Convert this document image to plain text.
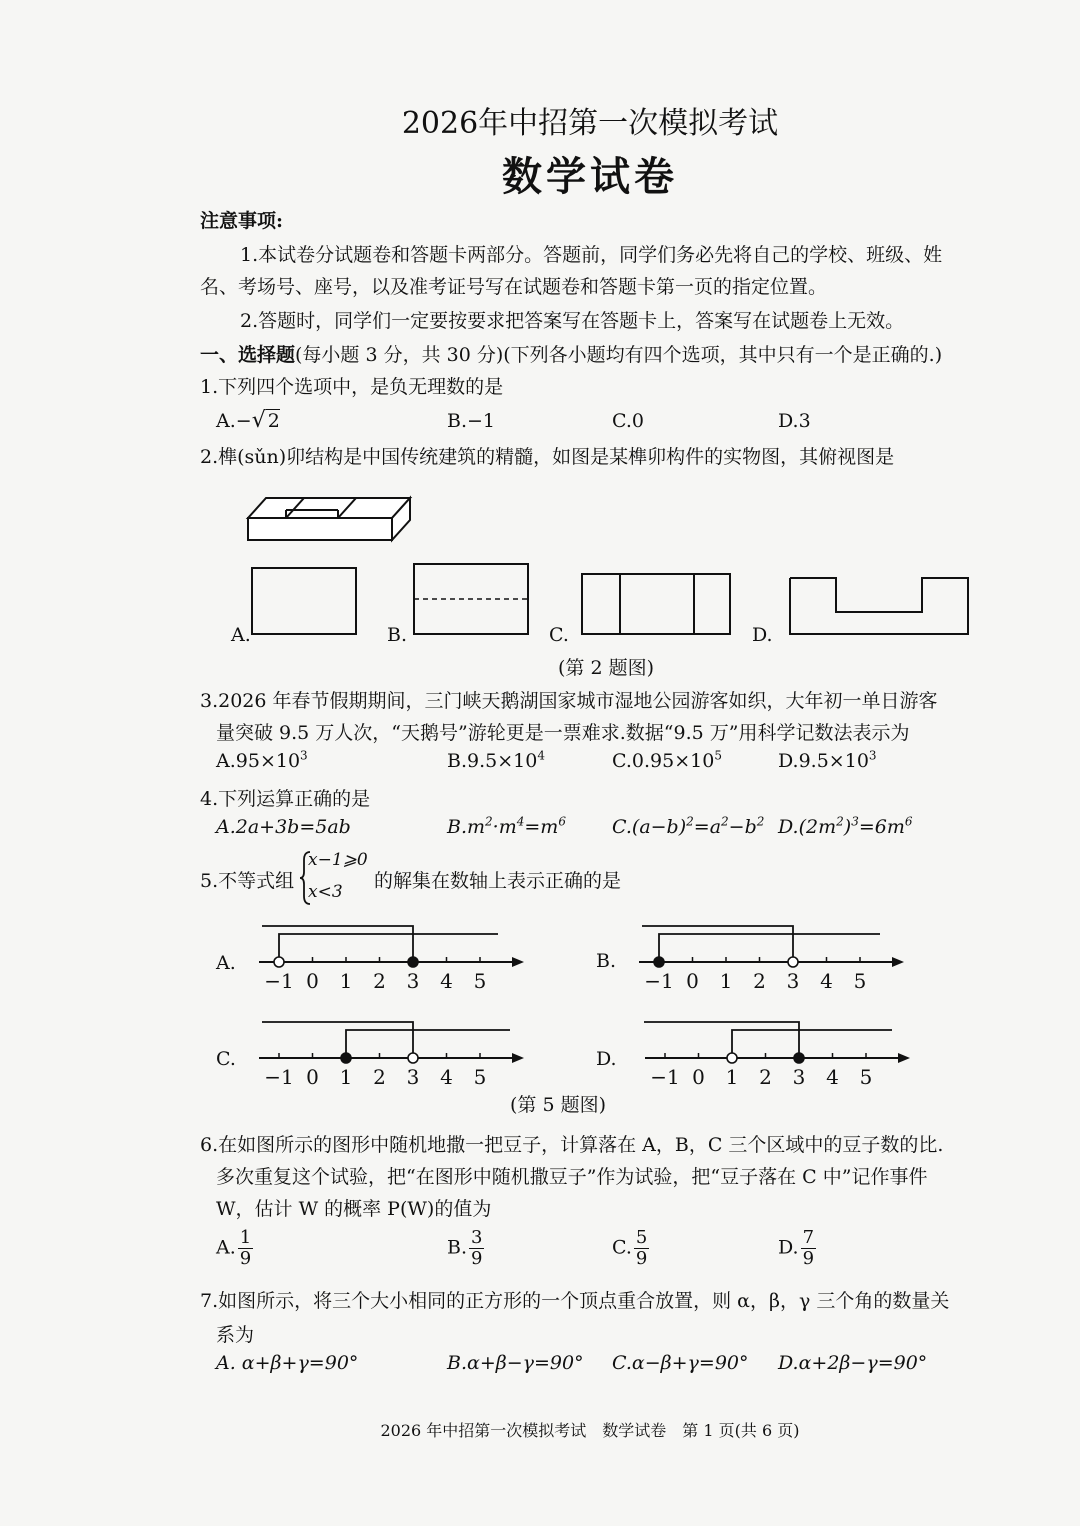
2026年中招第一次模拟考试
数学试卷
注意事项:
1.本试卷分试题卷和答题卡两部分。答题前，同学们务必先将自己的学校、班级、姓
名、考场号、座号，以及准考证号写在试题卷和答题卡第一页的指定位置。
2.答题时，同学们一定要按要求把答案写在答题卡上，答案写在试题卷上无效。
一、选择题(每小题 3 分，共 30 分)(下列各小题均有四个选项，其中只有一个是正确的.)
1.下列四个选项中，是负无理数的是
A.−√ 2	B.−1	C.0	D.3
2.榫(sǔn)卯结构是中国传统建筑的精髓，如图是某榫卯构件的实物图，其俯视图是
A.	B.	C.	D.
(第 2 题图)
3.2026 年春节假期期间，三门峡天鹅湖国家城市湿地公园游客如织，大年初一单日游客
量突破 9.5 万人次，“天鹅号”游轮更是一票难求.数据“9.5 万”用科学记数法表示为
$A.95\times 10^3$	$B.9.5\times 10^4$	$C.0.95\times 10^5$	$D.9.5\times 10^3$
4.下列运算正确的是
A.2a+3b=5ab	$B.m^2\cdot m^4=m^6$ $C.(a-b)^2=a^2-b^2$ $D.(2m^2)^3=6m^6$
5.不等式组
x−1⩾0
x<3 的解集在数轴上表示正确的是
−1 0 1 2 3 4 5	−1 0 1 2 3 4 5
−1 0 1 2 3 4 5	−1 0 1 2 3 4 5
A.	B.
C.	D.
(第 5 题图)
6.在如图所示的图形中随机地撒一把豆子，计算落在 A，B，C 三个区域中的豆子数的比.
多次重复这个试验，把“在图形中随机撒豆子”作为试验，把“豆子落在 C 中”记作事件
W，估计 W 的概率 P(W)的值为
A. $\frac{1}{9}$	B. $\frac{3}{9}$	C. $\frac{5}{9}$	D. $\frac{7}{9}$
7.如图所示，将三个大小相同的正方形的一个顶点重合放置，则 α，β，γ 三个角的数量关
系为
A. α+β+γ=90°	B.α+β−γ=90° C.α−β+γ=90° D.α+2β−γ=90°
2026 年中招第一次模拟考试　数学试卷　第 1 页(共 6 页)
